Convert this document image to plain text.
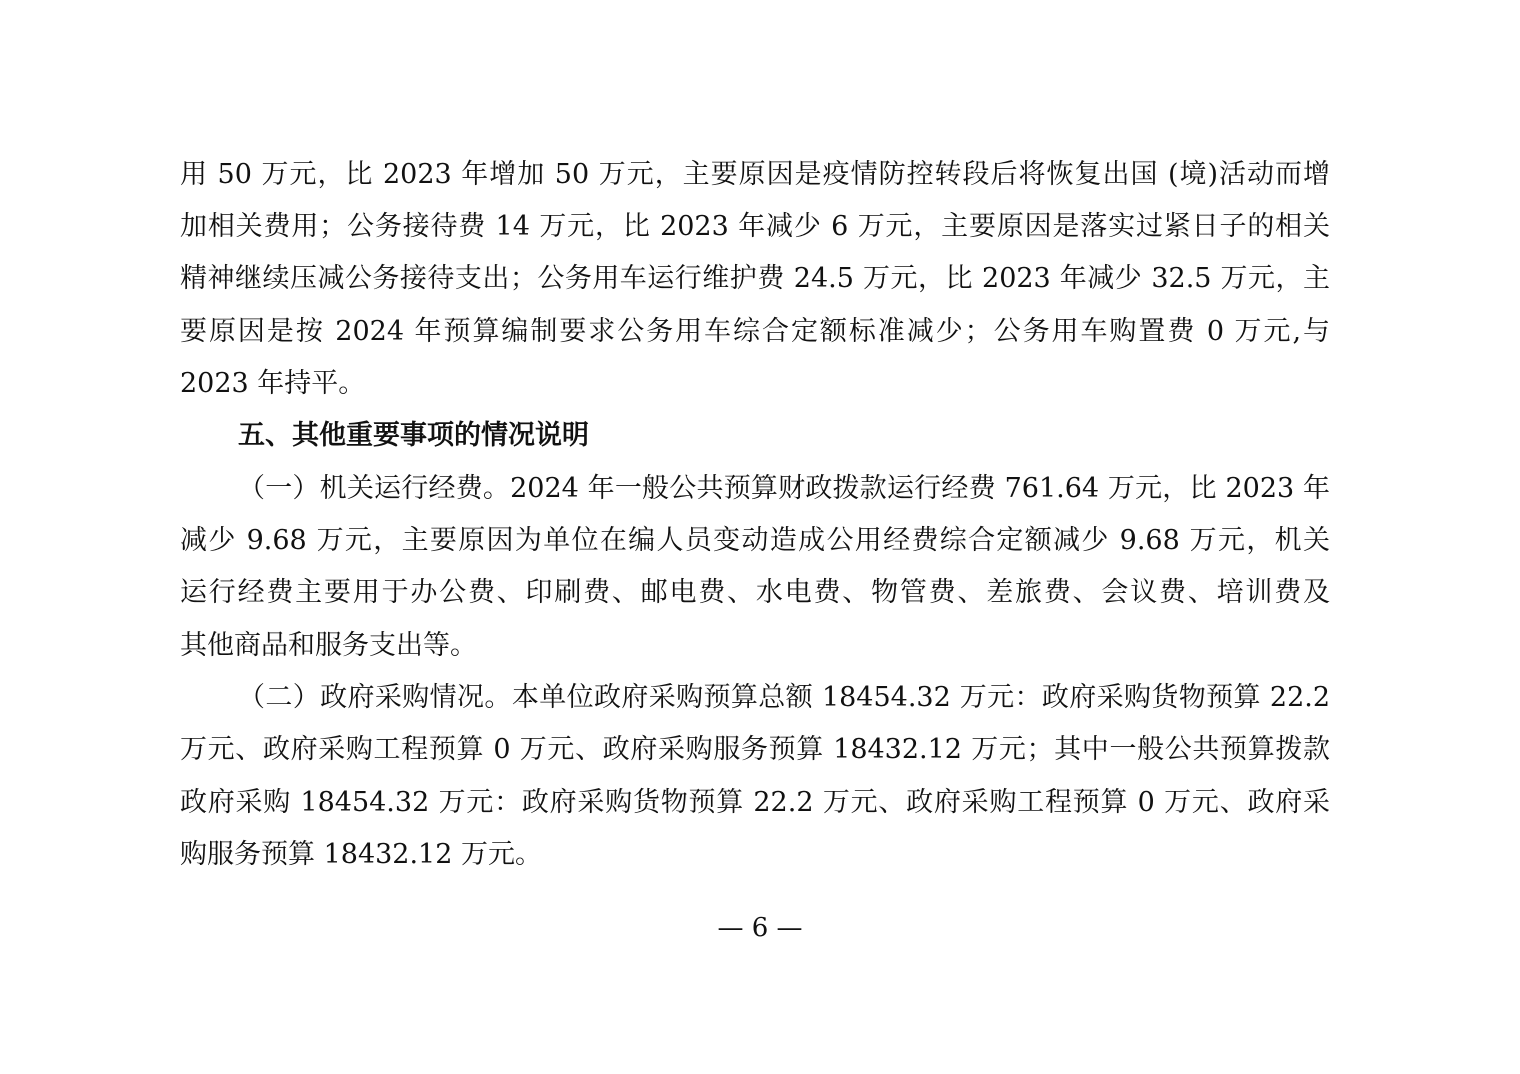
用 50 万元，比 2023 年增加 50 万元，主要原因是疫情防控转段后将恢复出国 (境)活动而增
加相关费用；公务接待费 14 万元，比 2023 年减少 6 万元，主要原因是落实过紧日子的相关
精神继续压减公务接待支出；公务用车运行维护费 24.5 万元，比 2023 年减少 32.5 万元，主
要原因是按 2024 年预算编制要求公务用车综合定额标准减少；公务用车购置费 0 万元,与
2023 年持平。
五、其他重要事项的情况说明
（一）机关运行经费。2024 年一般公共预算财政拨款运行经费 761.64 万元，比 2023 年
减少 9.68 万元，主要原因为单位在编人员变动造成公用经费综合定额减少 9.68 万元，机关
运行经费主要用于办公费、印刷费、邮电费、水电费、物管费、差旅费、会议费、培训费及
其他商品和服务支出等。
（二）政府采购情况。本单位政府采购预算总额 18454.32 万元：政府采购货物预算 22.2
万元、政府采购工程预算 0 万元、政府采购服务预算 18432.12 万元；其中一般公共预算拨款
政府采购 18454.32 万元：政府采购货物预算 22.2 万元、政府采购工程预算 0 万元、政府采
购服务预算 18432.12 万元。
— 6 —
